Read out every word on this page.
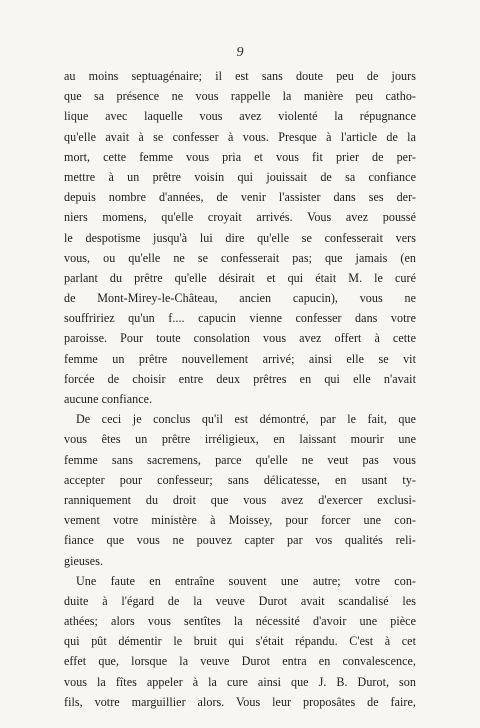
9
au moins septuagénaire; il est sans doute peu de jours
que sa présence ne vous rappelle la manière peu catho-
lique avec laquelle vous avez violenté la répugnance
qu'elle avait à se confesser à vous. Presque à l'article de la
mort, cette femme vous pria et vous fit prier de per-
mettre à un prêtre voisin qui jouissait de sa confiance
depuis nombre d'années, de venir l'assister dans ses der-
niers momens, qu'elle croyait arrivés. Vous avez poussé
le despotisme jusqu'à lui dire qu'elle se confesserait vers
vous, ou qu'elle ne se confesserait pas; que jamais (en
parlant du prêtre qu'elle désirait et qui était M. le curé
de Mont-Mirey-le-Château, ancien capucin), vous ne
souffririez qu'un f.... capucin vienne confesser dans votre
paroisse. Pour toute consolation vous avez offert à cette
femme un prêtre nouvellement arrivé; ainsi elle se vit
forcée de choisir entre deux prêtres en qui elle n'avait
aucune confiance.
De ceci je conclus qu'il est démontré, par le fait, que
vous êtes un prêtre irréligieux, en laissant mourir une
femme sans sacremens, parce qu'elle ne veut pas vous
accepter pour confesseur; sans délicatesse, en usant ty-
ranniquement du droit que vous avez d'exercer exclusi-
vement votre ministère à Moissey, pour forcer une con-
fiance que vous ne pouvez capter par vos qualités reli-
gieuses.
Une faute en entraîne souvent une autre; votre con-
duite à l'égard de la veuve Durot avait scandalisé les
athées; alors vous sentîtes la nécessité d'avoir une pièce
qui pût démentir le bruit qui s'était répandu. C'est à cet
effet que, lorsque la veuve Durot entra en convalescence,
vous la fîtes appeler à la cure ainsi que J. B. Durot, son
fils, votre marguillier alors. Vous leur proposâtes de faire,
